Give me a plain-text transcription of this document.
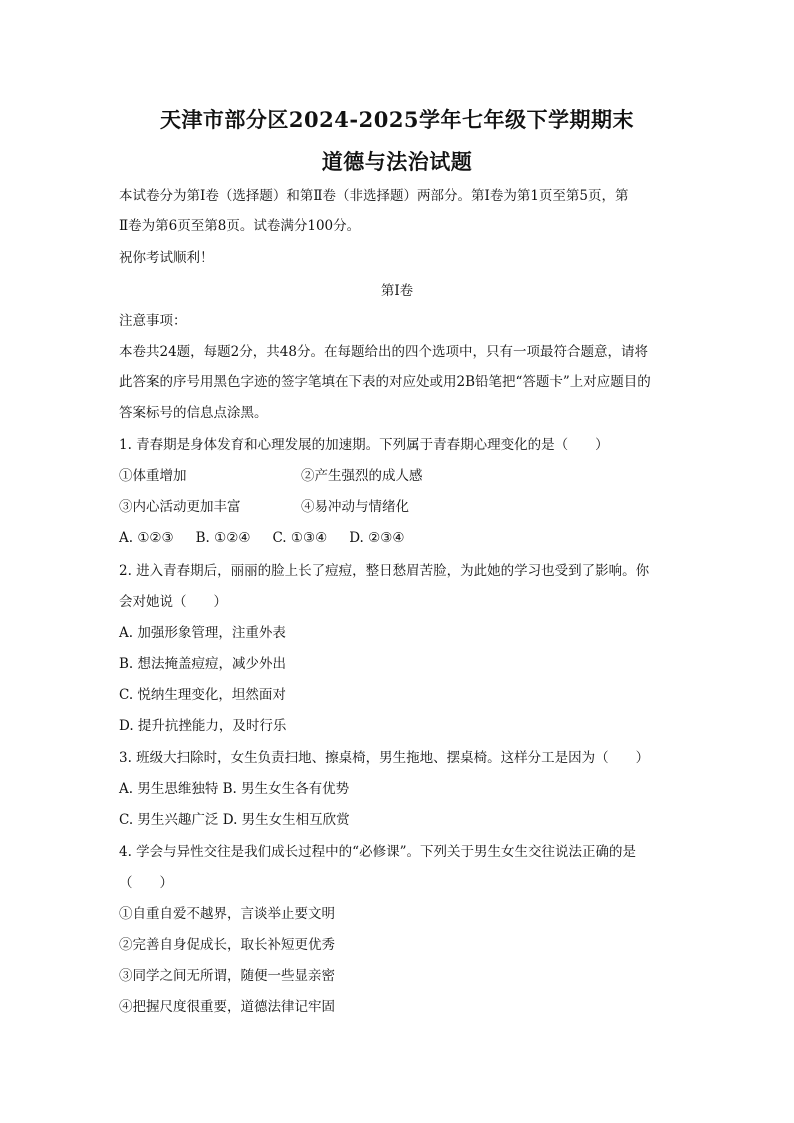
天津市部分区2024-2025学年七年级下学期期末
道德与法治试题
本试卷分为第Ⅰ卷（选择题）和第Ⅱ卷（非选择题）两部分。第Ⅰ卷为第1页至第5页，第
Ⅱ卷为第6页至第8页。试卷满分100分。
祝你考试顺利！
第Ⅰ卷
注意事项：
本卷共24题，每题2分，共48分。在每题给出的四个选项中，只有一项最符合题意，请将
此答案的序号用黑色字迹的签字笔填在下表的对应处或用2B铅笔把“答题卡”上对应题目的
答案标号的信息点涂黑。
1. 青春期是身体发育和心理发展的加速期。下列属于青春期心理变化的是（　　）
①体重增加	②产生强烈的成人感
③内心活动更加丰富	④易冲动与情绪化
A. ①②③ B. ①②④ C. ①③④ D. ②③④
2. 进入青春期后，丽丽的脸上长了痘痘，整日愁眉苦脸，为此她的学习也受到了影响。你
会对她说（　　）
A. 加强形象管理，注重外表
B. 想法掩盖痘痘，减少外出
C. 悦纳生理变化，坦然面对
D. 提升抗挫能力，及时行乐
3. 班级大扫除时，女生负责扫地、擦桌椅，男生拖地、摆桌椅。这样分工是因为（　　）
A. 男生思维独特 B. 男生女生各有优势
C. 男生兴趣广泛 D. 男生女生相互欣赏
4. 学会与异性交往是我们成长过程中的“必修课”。下列关于男生女生交往说法正确的是
（　　）
①自重自爱不越界，言谈举止要文明
②完善自身促成长，取长补短更优秀
③同学之间无所谓，随便一些显亲密
④把握尺度很重要，道德法律记牢固
